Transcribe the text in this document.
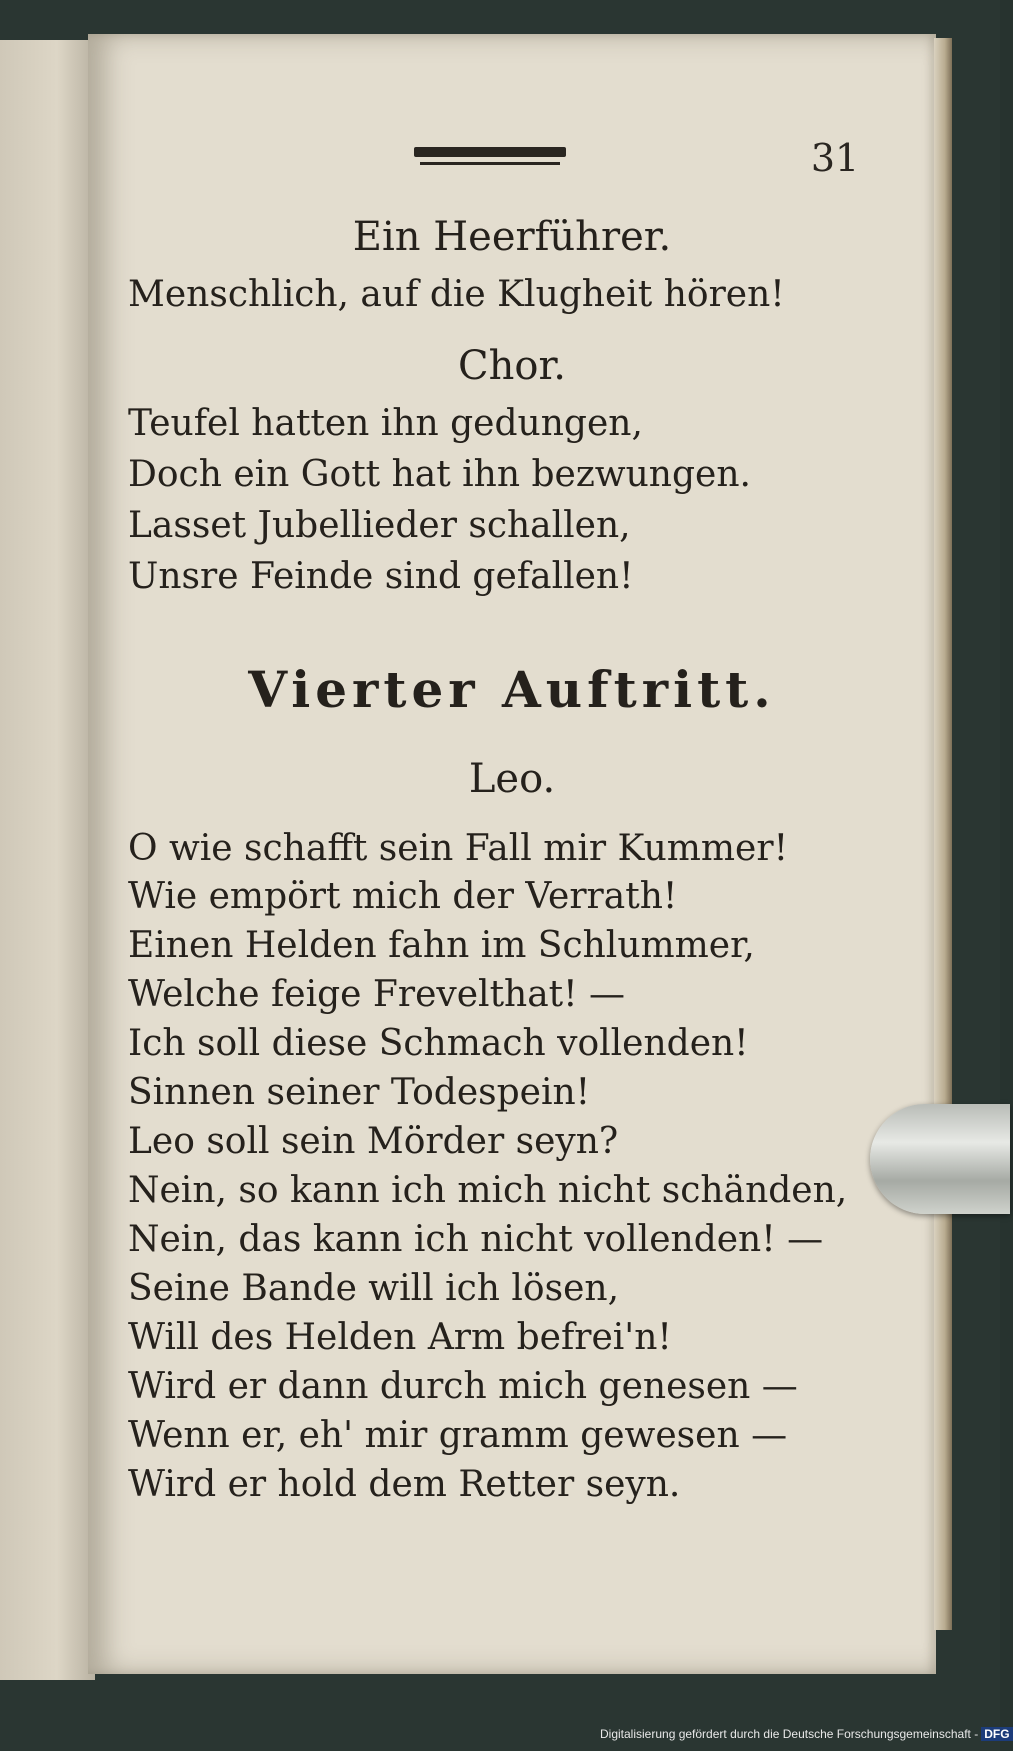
31
Ein Heerführer.
Menschlich, auf die Klugheit hören!
Chor.
Teufel hatten ihn gedungen,
Doch ein Gott hat ihn bezwungen.
Lasset Jubellieder schallen,
Unsre Feinde sind gefallen!
Vierter Auftritt.
Leo.
O wie schafft sein Fall mir Kummer!
Wie empört mich der Verrath!
Einen Helden fahn im Schlummer,
Welche feige Frevelthat! —
Ich soll diese Schmach vollenden!
Sinnen seiner Todespein!
Leo soll sein Mörder seyn?
Nein, so kann ich mich nicht schänden,
Nein, das kann ich nicht vollenden! —
Seine Bande will ich lösen,
Will des Helden Arm befrei'n!
Wird er dann durch mich genesen —
Wenn er, eh' mir gramm gewesen —
Wird er hold dem Retter seyn.
Digitalisierung gefördert durch die Deutsche Forschungsgemeinschaft - DFG
